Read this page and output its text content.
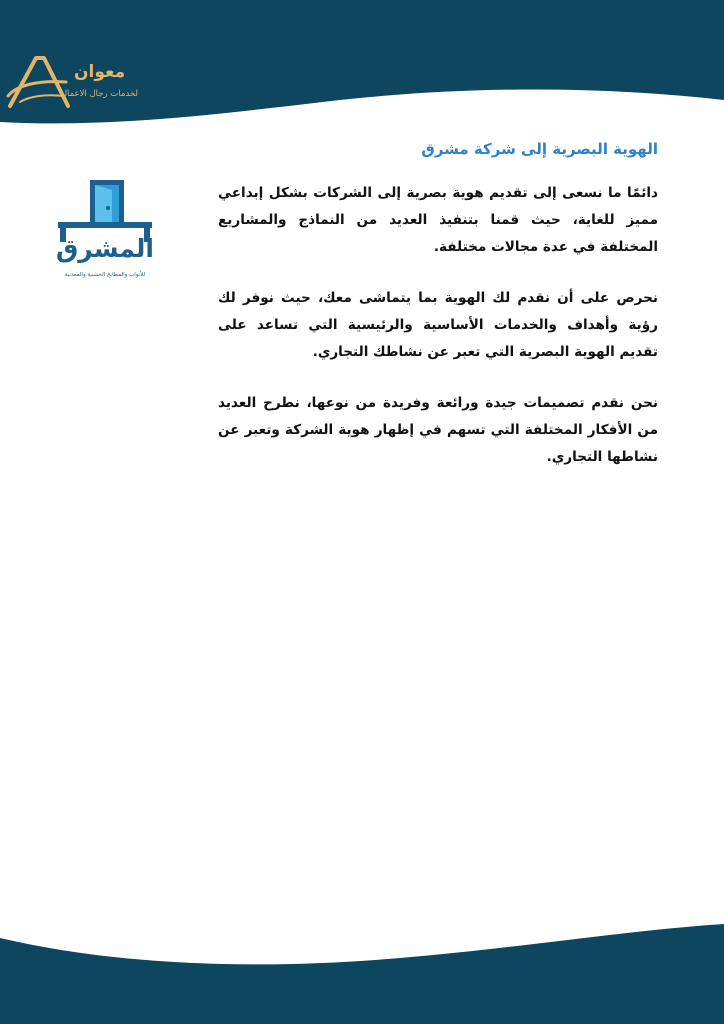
معوان
لخدمات رجال الاعمال
المشرق
للأبواب والمطابخ الخشبية والمعدنية
الهوية البصرية إلى شركة مشرق

دائمًا ما نسعى إلى تقديم هوية بصرية إلى الشركات بشكل إبداعي مميز للغاية، حيث قمنا بتنفيذ العديد من النماذج والمشاريع المختلفة في عدة مجالات مختلفة.

نحرص على أن نقدم لك الهوية بما يتماشى معك، حيث نوفر لك رؤية وأهداف والخدمات الأساسية والرئيسية التي تساعد على تقديم الهوية البصرية التي تعبر عن نشاطك التجاري.

نحن نقدم تصميمات جيدة ورائعة وفريدة من نوعها، نطرح العديد من الأفكار المختلفة التي تسهم في إظهار هوية الشركة وتعبر عن نشاطها التجاري.
